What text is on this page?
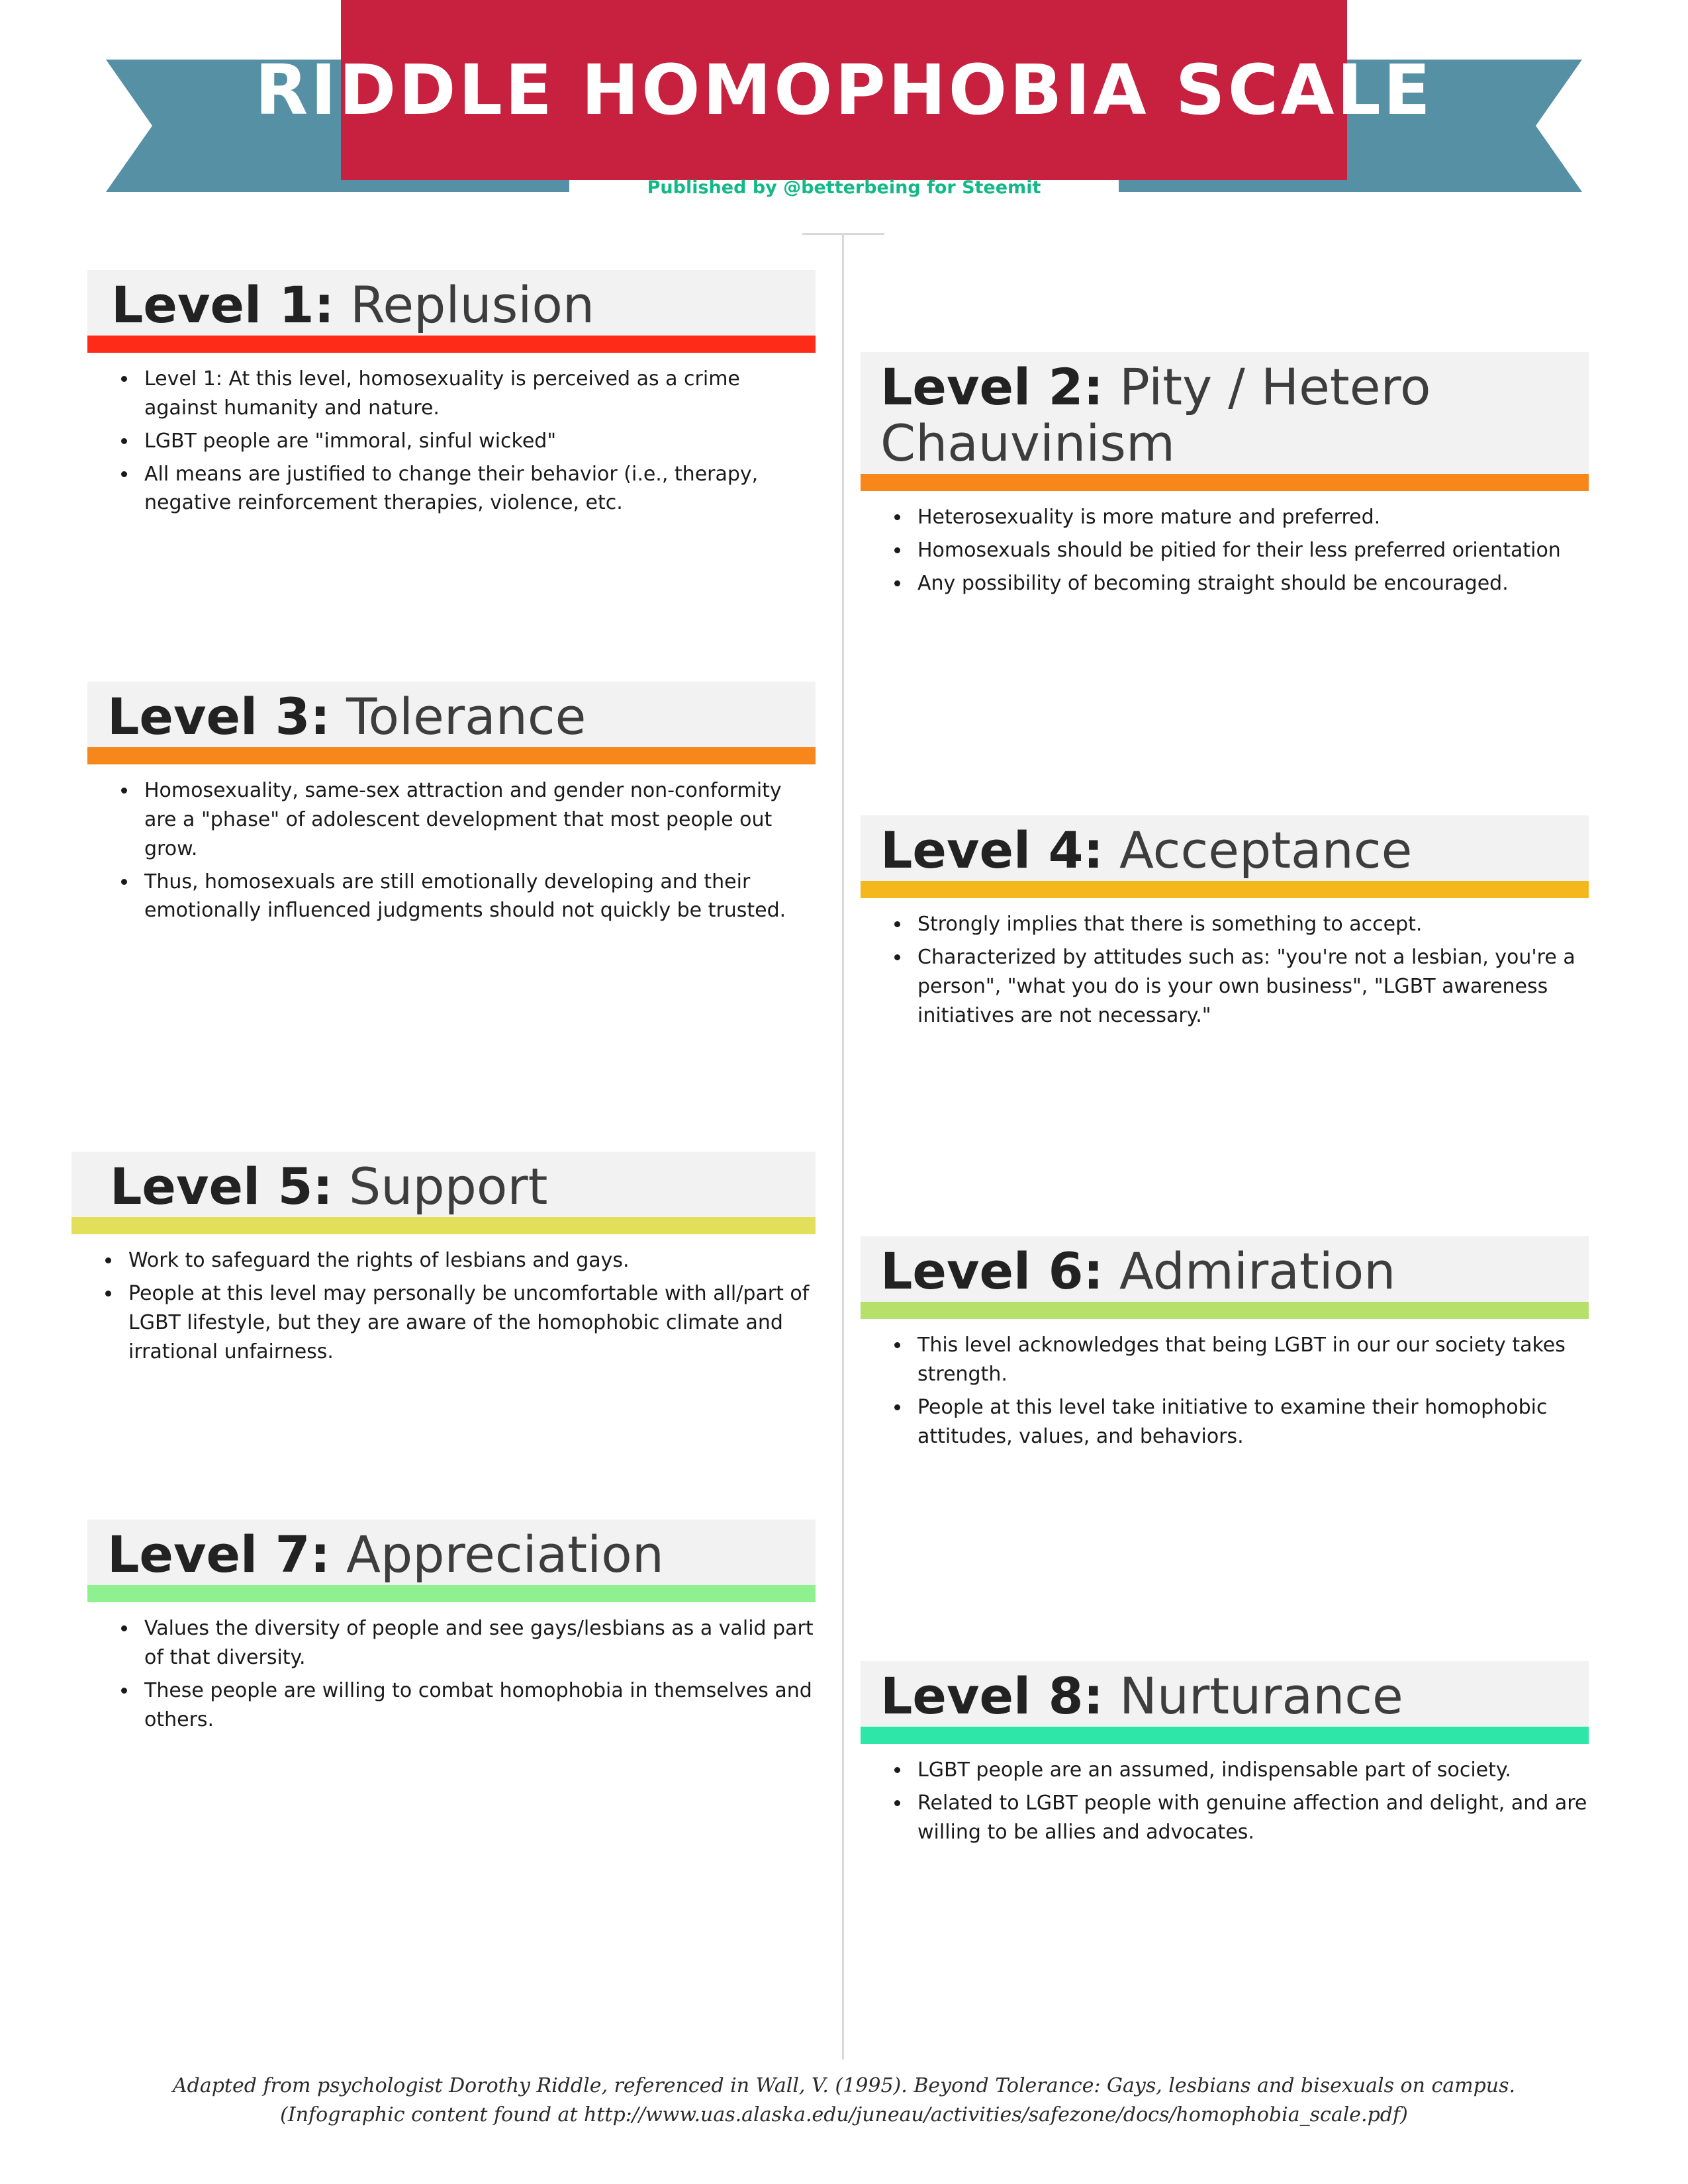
RIDDLE HOMOPHOBIA SCALE
Published by @betterbeing for Steemit
Level 1: Replusion
• Level 1: At this level, homosexuality is perceived as a crime against humanity and nature.
• LGBT people are "immoral, sinful wicked"
• All means are justified to change their behavior (i.e., therapy, negative reinforcement therapies, violence, etc.
Level 2: Pity / Hetero Chauvinism
• Heterosexuality is more mature and preferred.
• Homosexuals should be pitied for their less preferred orientation
• Any possibility of becoming straight should be encouraged.
Level 3: Tolerance
• Homosexuality, same-sex attraction and gender non-conformity are a "phase" of adolescent development that most people out grow.
• Thus, homosexuals are still emotionally developing and their emotionally influenced judgments should not quickly be trusted.
Level 4: Acceptance
• Strongly implies that there is something to accept.
• Characterized by attitudes such as: "you're not a lesbian, you're a person", "what you do is your own business", "LGBT awareness initiatives are not necessary."
Level 5: Support
• Work to safeguard the rights of lesbians and gays.
• People at this level may personally be uncomfortable with all/part of LGBT lifestyle, but they are aware of the homophobic climate and irrational unfairness.
Level 6: Admiration
• This level acknowledges that being LGBT in our our society takes strength.
• People at this level take initiative to examine their homophobic attitudes, values, and behaviors.
Level 7: Appreciation
• Values the diversity of people and see gays/lesbians as a valid part of that diversity.
• These people are willing to combat homophobia in themselves and others.	Level 8: Nurturance
• LGBT people are an assumed, indispensable part of society.
• Related to LGBT people with genuine affection and delight, and are willing to be allies and advocates.
Adapted from psychologist Dorothy Riddle, referenced in Wall, V. (1995). Beyond Tolerance: Gays, lesbians and bisexuals on campus.
(Infographic content found at http://www.uas.alaska.edu/juneau/activities/safezone/docs/homophobia_scale.pdf)
